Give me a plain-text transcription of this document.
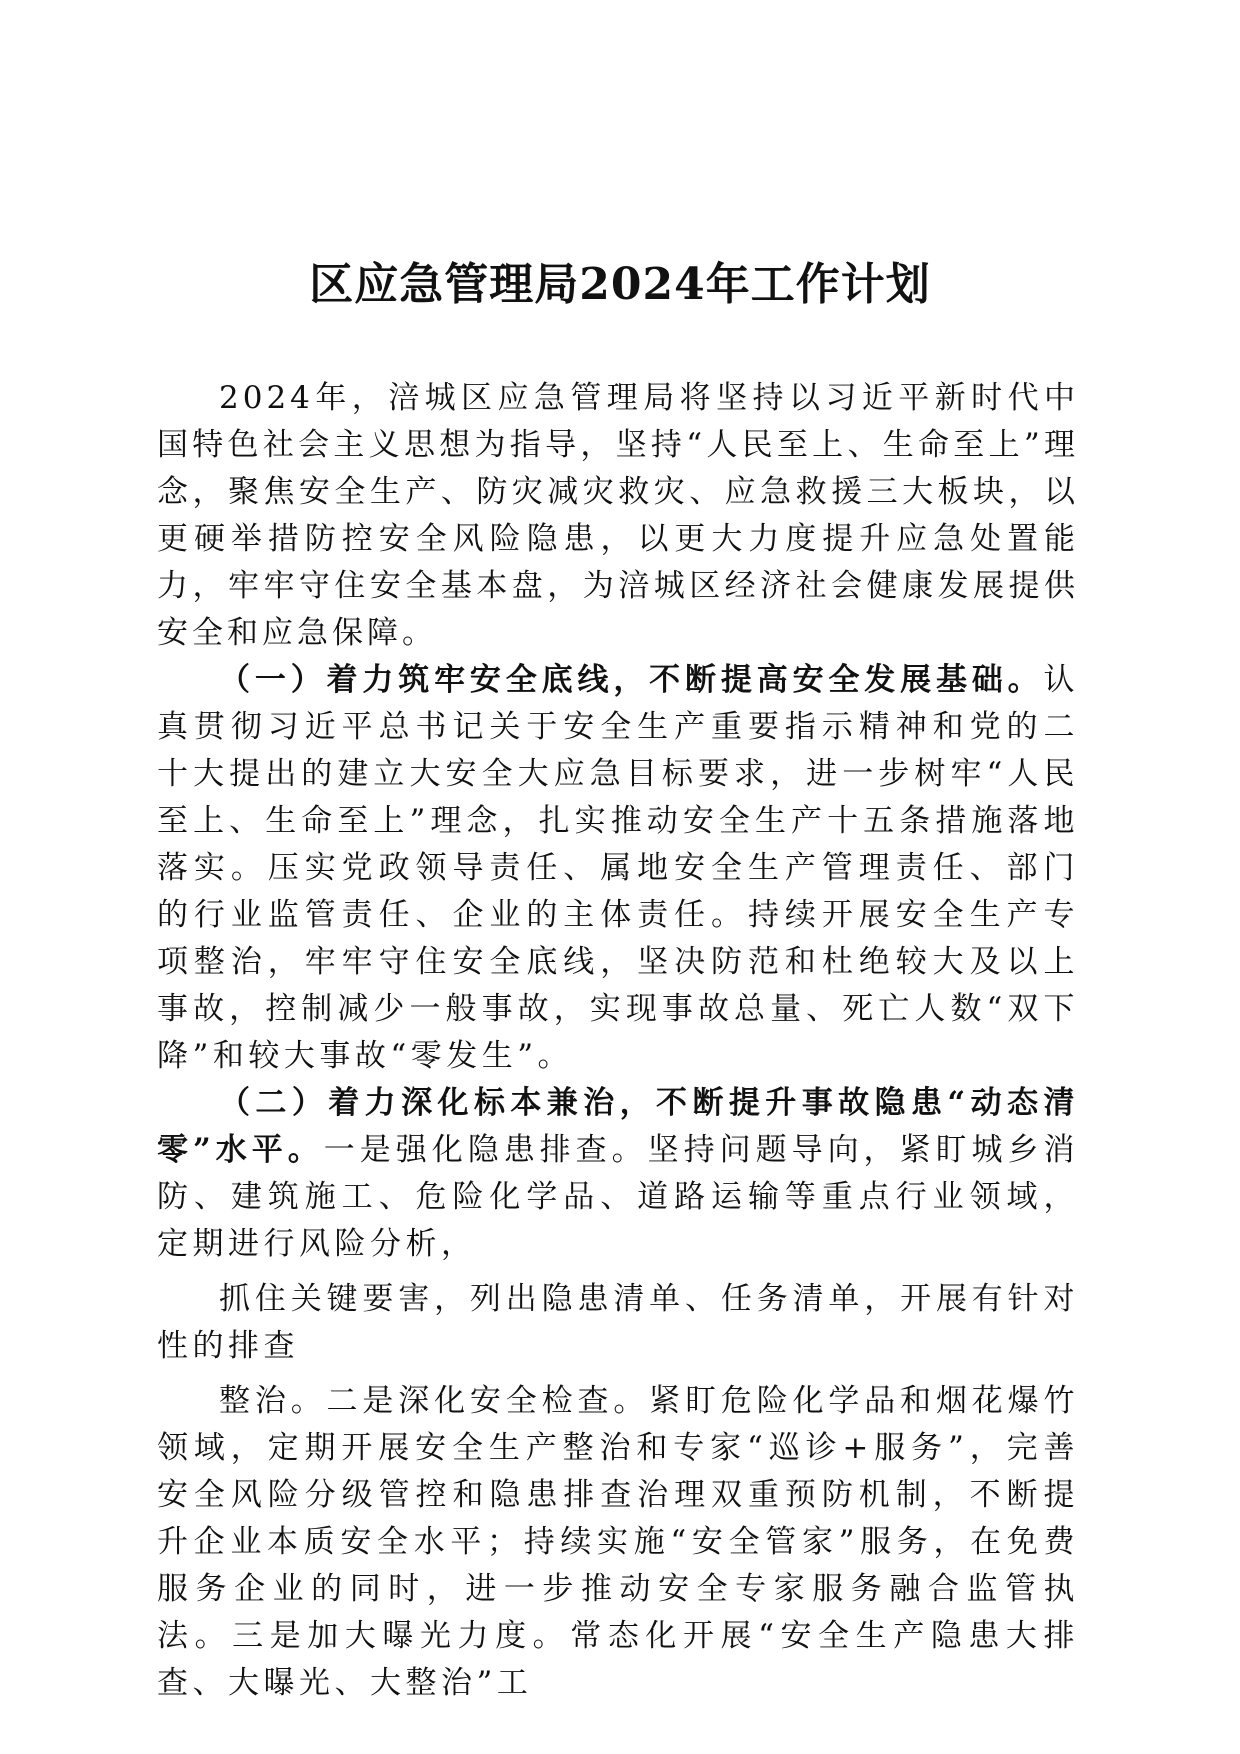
区应急管理局2024年工作计划

2024年，涪城区应急管理局将坚持以习近平新时代中国特色社会主义思想为指导，坚持“人民至上、生命至上”理念，聚焦安全生产、防灾减灾救灾、应急救援三大板块，以更硬举措防控安全风险隐患，以更大力度提升应急处置能力，牢牢守住安全基本盘，为涪城区经济社会健康发展提供安全和应急保障。

（一）着力筑牢安全底线，不断提高安全发展基础。认真贯彻习近平总书记关于安全生产重要指示精神和党的二十大提出的建立大安全大应急目标要求，进一步树牢“人民至上、生命至上”理念，扎实推动安全生产十五条措施落地落实。压实党政领导责任、属地安全生产管理责任、部门的行业监管责任、企业的主体责任。持续开展安全生产专项整治，牢牢守住安全底线，坚决防范和杜绝较大及以上事故，控制减少一般事故，实现事故总量、死亡人数“双下降”和较大事故“零发生”。

（二）着力深化标本兼治，不断提升事故隐患“动态清零”水平。一是强化隐患排查。坚持问题导向，紧盯城乡消防、建筑施工、危险化学品、道路运输等重点行业领域，定期进行风险分析，

抓住关键要害，列出隐患清单、任务清单，开展有针对性的排查

整治。二是深化安全检查。紧盯危险化学品和烟花爆竹领域，定期开展安全生产整治和专家“巡诊+服务”，完善安全风险分级管控和隐患排查治理双重预防机制，不断提升企业本质安全水平；持续实施“安全管家”服务，在免费服务企业的同时，进一步推动安全专家服务融合监管执法。三是加大曝光力度。常态化开展“安全生产隐患大排查、大曝光、大整治”工
